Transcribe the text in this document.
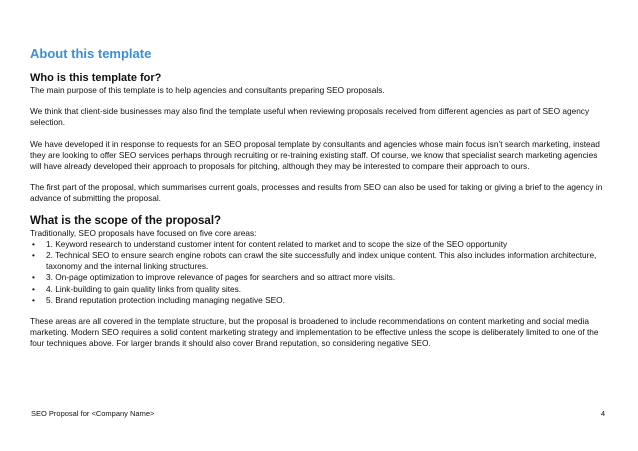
About this template
Who is this template for?

The main purpose of this template is to help agencies and consultants preparing SEO proposals.

We think that client-side businesses may also find the template useful when reviewing proposals received from different agencies as part of SEO agency selection.

We have developed it in response to requests for an SEO proposal template by consultants and agencies whose main focus isn’t search marketing, instead they are looking to offer SEO services perhaps through recruiting or re-training existing staff. Of course, we know that specialist search marketing agencies will have already developed their approach to proposals for pitching, although they may be interested to compare their approach to ours.

The first part of the proposal, which summarises current goals, processes and results from SEO can also be used for taking or giving a brief to the agency in advance of submitting the proposal.

What is the scope of the proposal?

Traditionally, SEO proposals have focused on five core areas:

• 1. Keyword research to understand customer intent for content related to market and to scope the size of the SEO opportunity
• 2. Technical SEO to ensure search engine robots can crawl the site successfully and index unique content. This also includes information architecture, taxonomy and the internal linking structures.
• 3. On-page optimization to improve relevance of pages for searchers and so attract more visits.
• 4. Link-building to gain quality links from quality sites.
• 5. Brand reputation protection including managing negative SEO.

These areas are all covered in the template structure, but the proposal is broadened to include recommendations on content marketing and social media marketing. Modern SEO requires a solid content marketing strategy and implementation to be effective unless the scope is deliberately limited to one of the four techniques above. For larger brands it should also cover Brand reputation, so considering negative SEO.

SEO Proposal for <Company Name>	4
